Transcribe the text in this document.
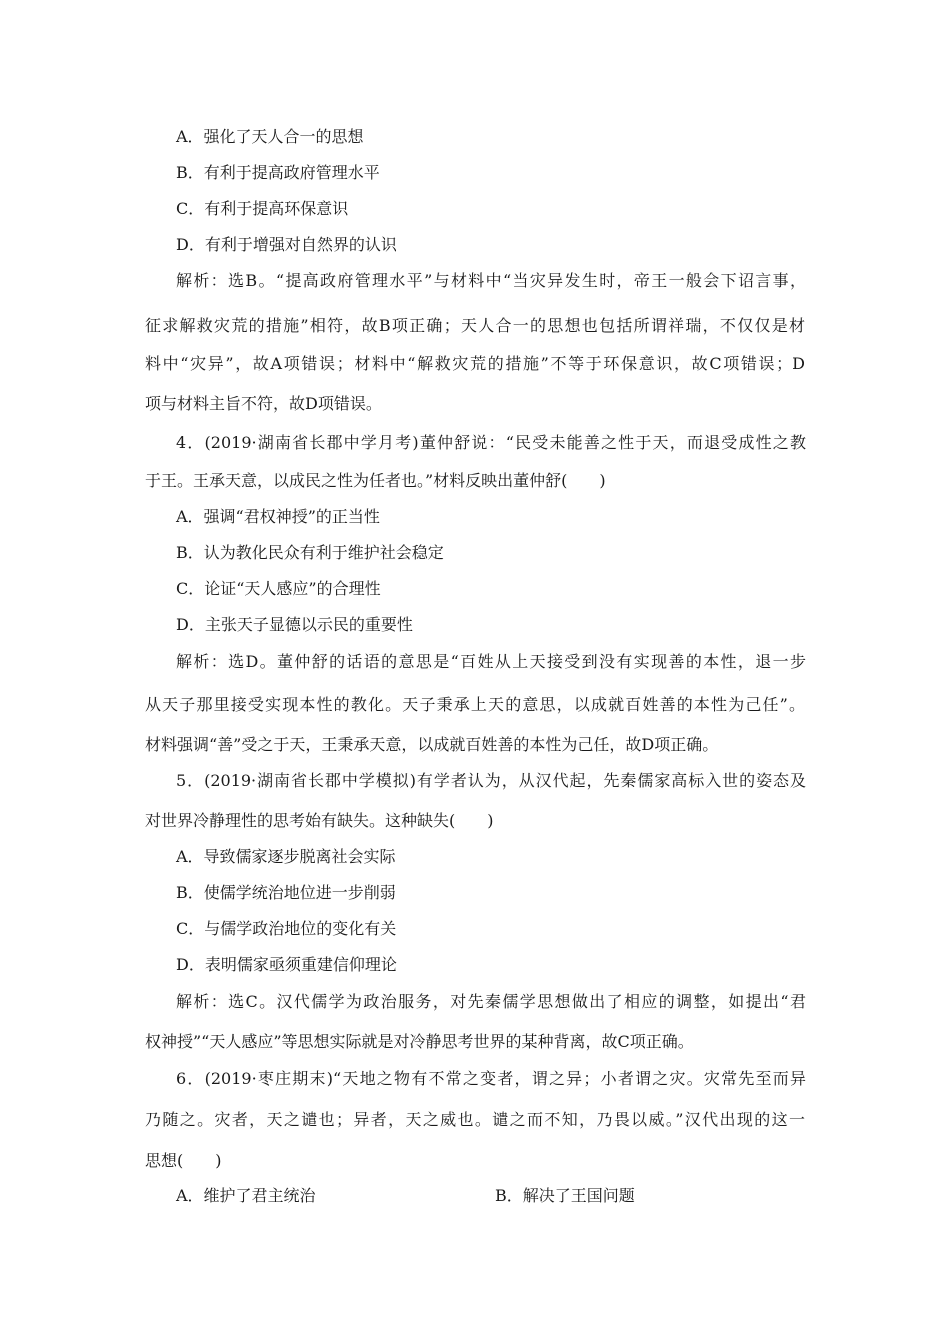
A．强化了天人合一的思想
B．有利于提高政府管理水平
C．有利于提高环保意识
D．有利于增强对自然界的认识
解析：选B。“提高政府管理水平”与材料中“当灾异发生时，帝王一般会下诏言事，
征求解救灾荒的措施”相符，故B项正确；天人合一的思想也包括所谓祥瑞，不仅仅是材
料中“灾异”，故A项错误；材料中“解救灾荒的措施”不等于环保意识，故C项错误；D
项与材料主旨不符，故D项错误。
4．(2019·湖南省长郡中学月考)董仲舒说：“民受未能善之性于天，而退受成性之教
于王。王承天意，以成民之性为任者也。”材料反映出董仲舒(　　)
A．强调“君权神授”的正当性
B．认为教化民众有利于维护社会稳定
C．论证“天人感应”的合理性
D．主张天子显德以示民的重要性
解析：选D。董仲舒的话语的意思是“百姓从上天接受到没有实现善的本性，退一步
从天子那里接受实现本性的教化。天子秉承上天的意思，以成就百姓善的本性为己任”。
材料强调“善”受之于天，王秉承天意，以成就百姓善的本性为己任，故D项正确。
5．(2019·湖南省长郡中学模拟)有学者认为，从汉代起，先秦儒家高标入世的姿态及
对世界冷静理性的思考始有缺失。这种缺失(　　)
A．导致儒家逐步脱离社会实际
B．使儒学统治地位进一步削弱
C．与儒学政治地位的变化有关
D．表明儒家亟须重建信仰理论
解析：选C。汉代儒学为政治服务，对先秦儒学思想做出了相应的调整，如提出“君
权神授”“天人感应”等思想实际就是对冷静思考世界的某种背离，故C项正确。
6．(2019·枣庄期末)“天地之物有不常之变者，谓之异；小者谓之灾。灾常先至而异
乃随之。灾者，天之谴也；异者，天之威也。谴之而不知，乃畏以威。”汉代出现的这一
思想(　　)
A．维护了君主统治	B．解决了王国问题
